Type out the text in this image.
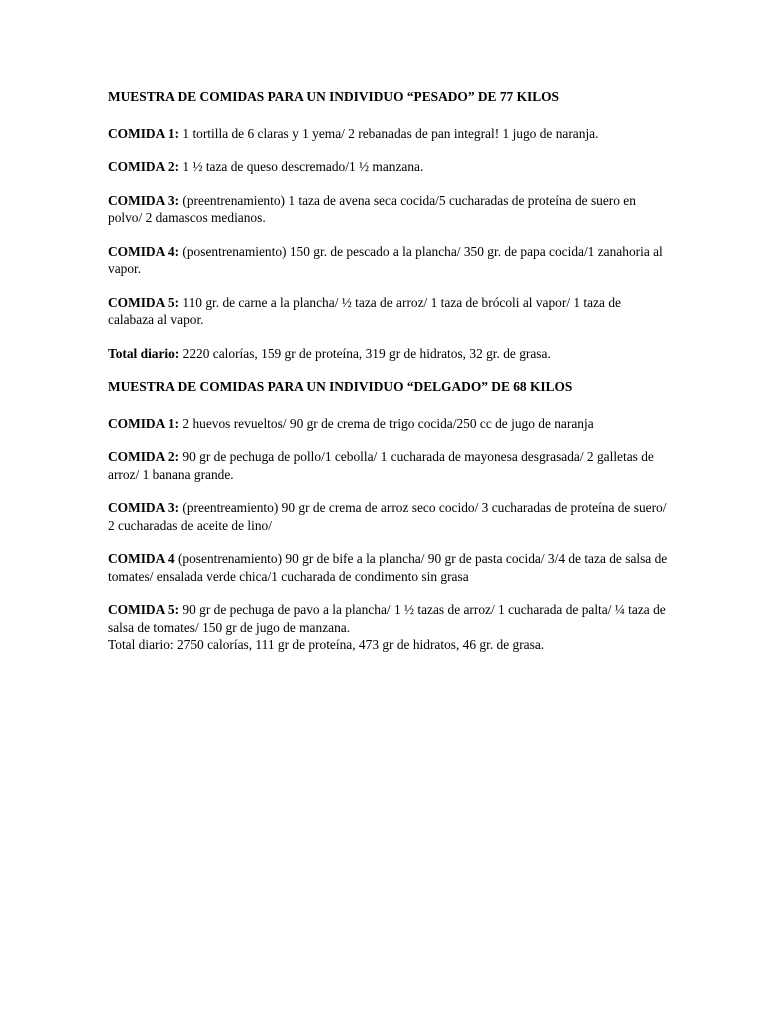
MUESTRA DE COMIDAS PARA UN INDIVIDUO “PESADO” DE 77 KILOS

COMIDA 1: 1 tortilla de 6 claras y 1 yema/ 2 rebanadas de pan integral! 1 jugo de naranja.

COMIDA 2: 1 ½ taza de queso descremado/1 ½ manzana.

COMIDA 3: (preentrenamiento) 1 taza de avena seca cocida/5 cucharadas de proteína de suero en polvo/ 2 damascos medianos.

COMIDA 4: (posentrenamiento) 150 gr. de pescado a la plancha/ 350 gr. de papa cocida/1 zanahoria al vapor.

COMIDA 5: 110 gr. de carne a la plancha/ ½ taza de arroz/ 1 taza de brócoli al vapor/ 1 taza de calabaza al vapor.

Total diario: 2220 calorías, 159 gr de proteína, 319 gr de hidratos, 32 gr. de grasa.

MUESTRA DE COMIDAS PARA UN INDIVIDUO “DELGADO” DE 68 KILOS

COMIDA 1: 2 huevos revueltos/ 90 gr de crema de trigo cocida/250 cc de jugo de naranja

COMIDA 2: 90 gr de pechuga de pollo/1 cebolla/ 1 cucharada de mayonesa desgrasada/ 2 galletas de arroz/ 1 banana grande.

COMIDA 3: (preentreamiento) 90 gr de crema de arroz seco cocido/ 3 cucharadas de proteína de suero/ 2 cucharadas de aceite de lino/

COMIDA 4 (posentrenamiento) 90 gr de bife a la plancha/ 90 gr de pasta cocida/ 3/4 de taza de salsa de tomates/ ensalada verde chica/1 cucharada de condimento sin grasa

COMIDA 5: 90 gr de pechuga de pavo a la plancha/ 1 ½ tazas de arroz/ 1 cucharada de palta/ ¼ taza de salsa de tomates/ 150 gr de jugo de manzana.

Total diario: 2750 calorías, 111 gr de proteína, 473 gr de hidratos, 46 gr. de grasa.
